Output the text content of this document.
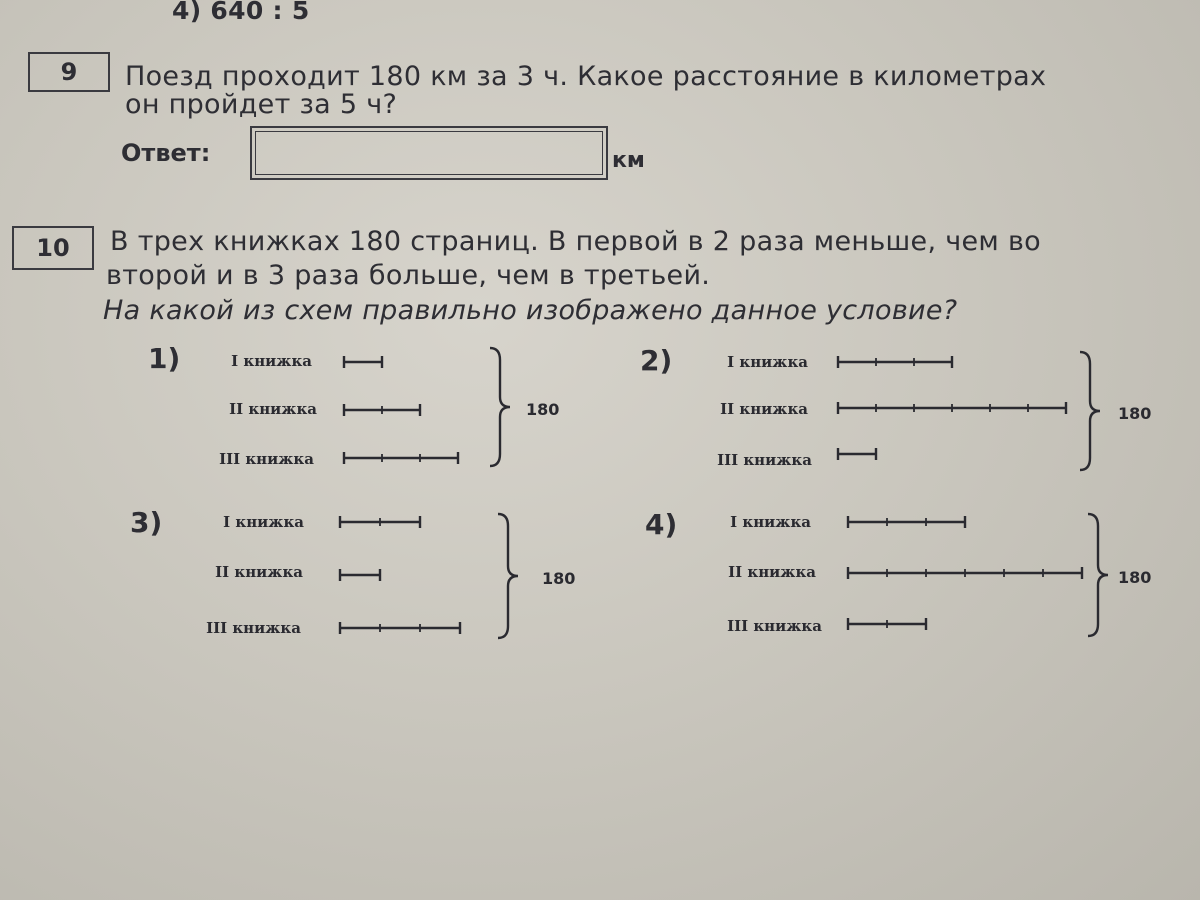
4) 640 : 5
9	Поезд проходит 180 км за 3 ч. Какое расстояние в километрах
он пройдет за 5 ч?
Ответ:	км
10	В трех книжках 180 страниц. В первой в 2 раза меньше, чем во
второй и в 3 раза больше, чем в третьей.
На какой из схем правильно изображено данное условие?
1)	I книжка
II книжка
III книжка
180
2)	I книжка
II книжка
III книжка
180
3)	I книжка
II книжка
III книжка
180
4)	I книжка
II книжка
III книжка
180
